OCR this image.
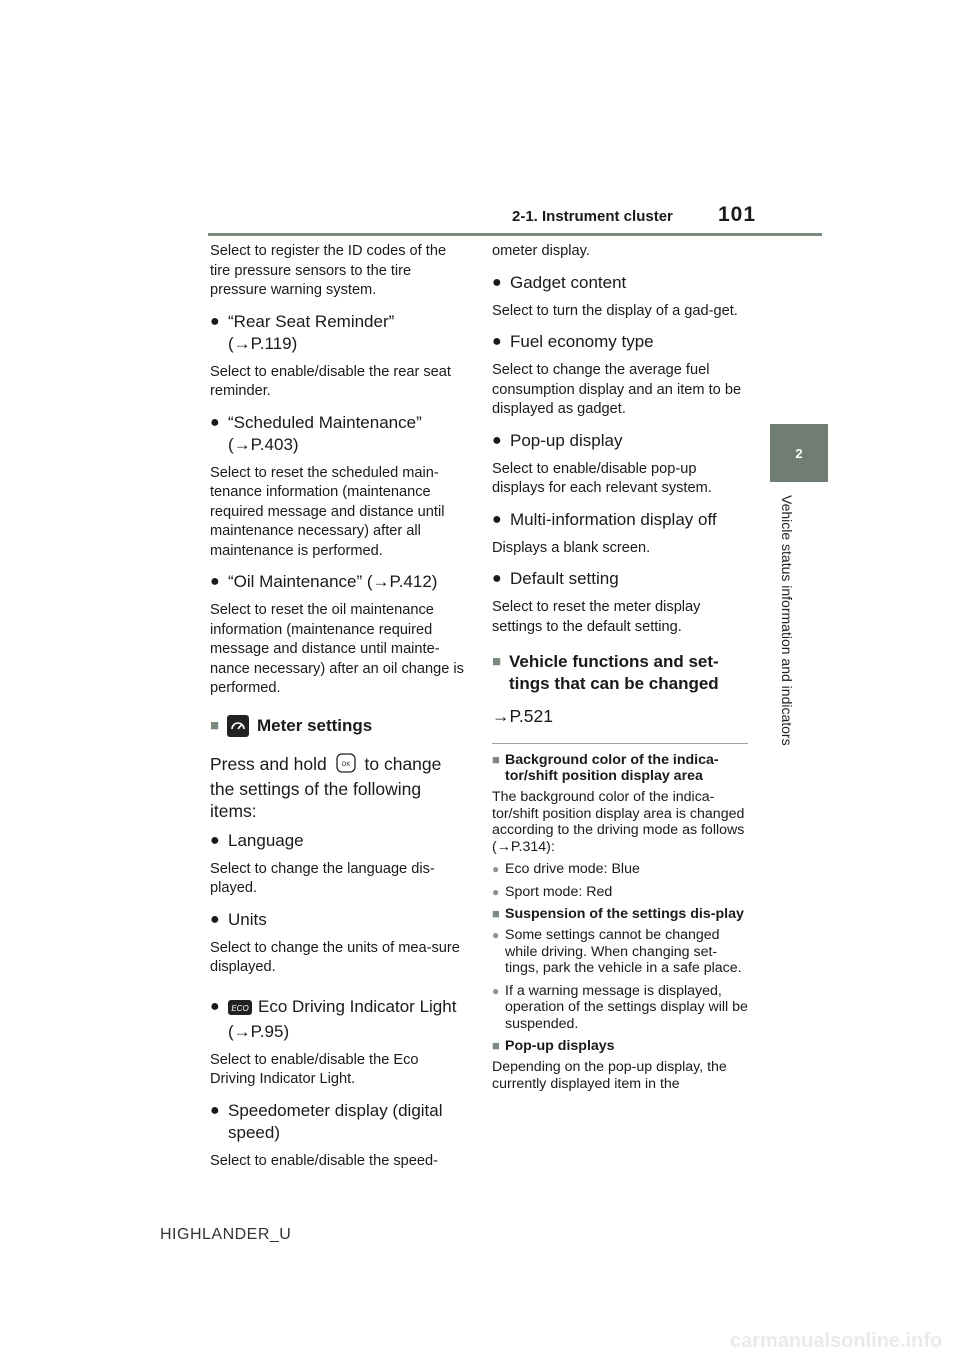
2-1. Instrument cluster 101
2
Vehicle status information and indicators

Select to register the ID codes of the tire pressure sensors to the tire pressure warning system.

● “Rear Seat Reminder” (→P.119)

Select to enable/disable the rear seat reminder.

● “Scheduled Maintenance” (→P.403)

Select to reset the scheduled main-tenance information (maintenance required message and distance until maintenance necessary) after all maintenance is performed.

● “Oil Maintenance” (→P.412)

Select to reset the oil maintenance information (maintenance required message and distance until mainte-nance necessary) after an oil change is performed.

■	Meter settings

Press and hold OK to change the settings of the following items:

● Language

Select to change the language dis-played.

● Units

Select to change the units of mea-sure displayed.

●	ECO Eco Driving Indicator Light (→P.95)

Select to enable/disable the Eco Driving Indicator Light.

● Speedometer display (digital speed)

Select to enable/disable the speed-

ometer display.

● Gadget content

Select to turn the display of a gad-get.

● Fuel economy type

Select to change the average fuel consumption display and an item to be displayed as gadget.

● Pop-up display

Select to enable/disable pop-up displays for each relevant system.

● Multi-information display off

Displays a blank screen.

● Default setting

Select to reset the meter display settings to the default setting.

■ Vehicle functions and set-tings that can be changed

→P.521

■ Background color of the indica-tor/shift position display area

The background color of the indica-tor/shift position display area is changed according to the driving mode as follows (→P.314):

● Eco drive mode: Blue
● Sport mode: Red
■ Suspension of the settings dis-play
● Some settings cannot be changed while driving. When changing set-tings, park the vehicle in a safe place.
● If a warning message is displayed, operation of the settings display will be suspended.
■ Pop-up displays

Depending on the pop-up display, the currently displayed item in the

HIGHLANDER_U
carmanualsonline.info
